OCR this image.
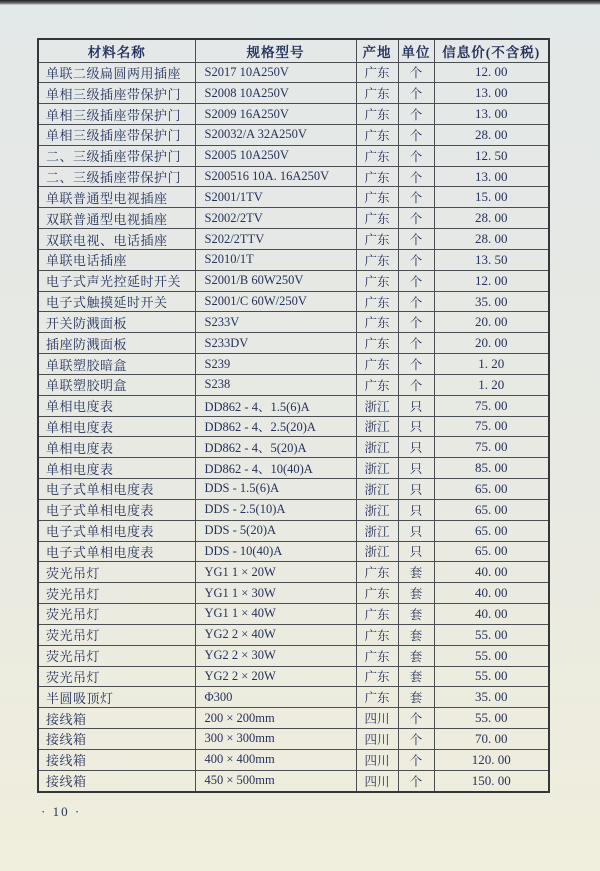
材料名称	规格型号	产地	单位	信息价(不含税)
单联二级扁圆两用插座	S2017 10A250V	广东	个	12. 00
单相三级插座带保护门	S2008 10A250V	广东	个	13. 00
单相三级插座带保护门	S2009 16A250V	广东	个	13. 00
单相三级插座带保护门	S20032/A 32A250V	广东	个	28. 00
二、三级插座带保护门	S2005 10A250V	广东	个	12. 50
二、三级插座带保护门	S200516 10A. 16A250V	广东	个	13. 00
单联普通型电视插座	S2001/1TV	广东	个	15. 00
双联普通型电视插座	S2002/2TV	广东	个	28. 00
双联电视、电话插座	S202/2TTV	广东	个	28. 00
单联电话插座	S2010/1T	广东	个	13. 50
电子式声光控延时开关	S2001/B 60W250V	广东	个	12. 00
电子式触摸延时开关	S2001/C 60W/250V	广东	个	35. 00
开关防溅面板	S233V	广东	个	20. 00
插座防溅面板	S233DV	广东	个	20. 00
单联塑胶暗盒	S239	广东	个	1. 20
单联塑胶明盒	S238	广东	个	1. 20
单相电度表	DD862 - 4、1.5(6)A	浙江	只	75. 00
单相电度表	DD862 - 4、2.5(20)A	浙江	只	75. 00
单相电度表	DD862 - 4、5(20)A	浙江	只	75. 00
单相电度表	DD862 - 4、10(40)A	浙江	只	85. 00
电子式单相电度表	DDS - 1.5(6)A	浙江	只	65. 00
电子式单相电度表	DDS - 2.5(10)A	浙江	只	65. 00
电子式单相电度表	DDS - 5(20)A	浙江	只	65. 00
电子式单相电度表	DDS - 10(40)A	浙江	只	65. 00
荧光吊灯	YG1 1 × 20W	广东	套	40. 00
荧光吊灯	YG1 1 × 30W	广东	套	40. 00
荧光吊灯	YG1 1 × 40W	广东	套	40. 00
荧光吊灯	YG2 2 × 40W	广东	套	55. 00
荧光吊灯	YG2 2 × 30W	广东	套	55. 00
荧光吊灯	YG2 2 × 20W	广东	套	55. 00
半圆吸顶灯	Φ300	广东	套	35. 00
接线箱	200 × 200mm	四川	个	55. 00
接线箱	300 × 300mm	四川	个	70. 00
接线箱	400 × 400mm	四川	个	120. 00
接线箱	450 × 500mm	四川	个	150. 00
· 10 ·
